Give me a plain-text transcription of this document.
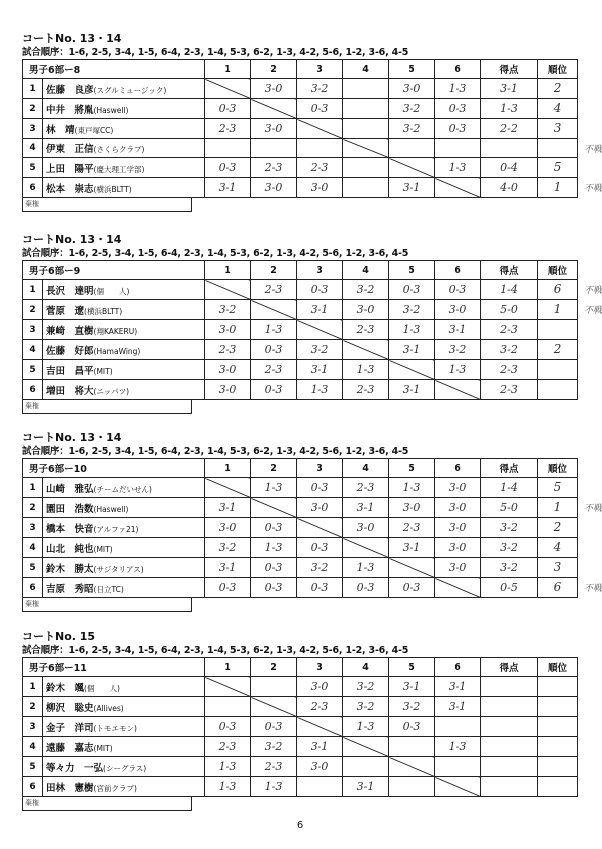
コートNo. 13・14
試合順序：1-6, 2-5, 3-4, 1-5, 6-4, 2-3, 1-4, 5-3, 6-2, 1-3, 4-2, 5-6, 1-2, 3-6, 4-5
男子6部ー8		1	2	3	4	5	6	得点	順位
1	佐藤　良彦(スグルミュージック)		3-0	3-2		3-0	1-3	3-1	2

2	中井　將胤(Haswell)	0-3		0-3		3-2	0-3	1-3	4

3	林　靖(東戸塚CC)	2-3	3-0			3-2	0-3	2-2	3

4	伊東　正信(さくらクラブ)								不戦

5	上田　陽平(慶大理工学部)	0-3	2-3	2-3			1-3	0-4	5

6	松本　崇志(横浜BLTT)	3-1	3-0	3-0		3-1		4-0	1 不戦
棄権
コートNo. 13・14
試合順序：1-6, 2-5, 3-4, 1-5, 6-4, 2-3, 1-4, 5-3, 6-2, 1-3, 4-2, 5-6, 1-2, 3-6, 4-5
男子6部ー9		1	2	3	4	5	6	得点	順位
1	長沢　達明(個　　人)		2-3	0-3	3-2	0-3	0-3	1-4	6 不戦

2	菅原　遼(横浜BLTT)	3-2		3-1	3-0	3-2	3-0	5-0	1 不戦

3	兼崎　直樹(翔KAKERU)	3-0	1-3		2-3	1-3	3-1	2-3	

4	佐藤　好郎(HamaWing)	2-3	0-3	3-2		3-1	3-2	3-2	2

5	吉田　昌平(MIT)	3-0	2-3	3-1	1-3		1-3	2-3	

6	増田　将大(ニッパツ)	3-0	0-3	1-3	2-3	3-1		2-3	

棄権
コートNo. 13・14
試合順序：1-6, 2-5, 3-4, 1-5, 6-4, 2-3, 1-4, 5-3, 6-2, 1-3, 4-2, 5-6, 1-2, 3-6, 4-5
男子6部ー10		1	2	3	4	5	6	得点	順位
1	山崎　雅弘(チームだいせん)		1-3	0-3	2-3	1-3	3-0	1-4	5

2	園田　浩数(Haswell)	3-1		3-0	3-1	3-0	3-0	5-0	1 不戦

3	橋本　快音(アルファ21)	3-0	0-3		3-0	2-3	3-0	3-2	2

4	山北　純也(MIT)	3-2	1-3	0-3		3-1	3-0	3-2	4

5	鈴木　勝太(サジタリアス)	3-1	0-3	3-2	1-3		3-0	3-2	3

6	吉原　秀昭(日立TC)	0-3	0-3	0-3	0-3	0-3		0-5	6 不戦
棄権
コートNo. 15
試合順序：1-6, 2-5, 3-4, 1-5, 6-4, 2-3, 1-4, 5-3, 6-2, 1-3, 4-2, 5-6, 1-2, 3-6, 4-5
男子6部ー11		1	2	3	4	5	6	得点	順位
1	鈴木　颯(個　　人)			3-0	3-2	3-1	3-1		

2	柳沢　聡史(Allives)			2-3	3-2	3-2	3-1		

3	金子　洋司(トモエモン)	0-3	0-3		1-3	0-3			

4	遠藤　嘉志(MIT)	2-3	3-2	3-1			1-3		

5	等々力　一弘(シーグラス)	1-3	2-3	3-0					

6	田林　憲樹(宮前クラブ)	1-3	1-3		3-1				

棄権
6
